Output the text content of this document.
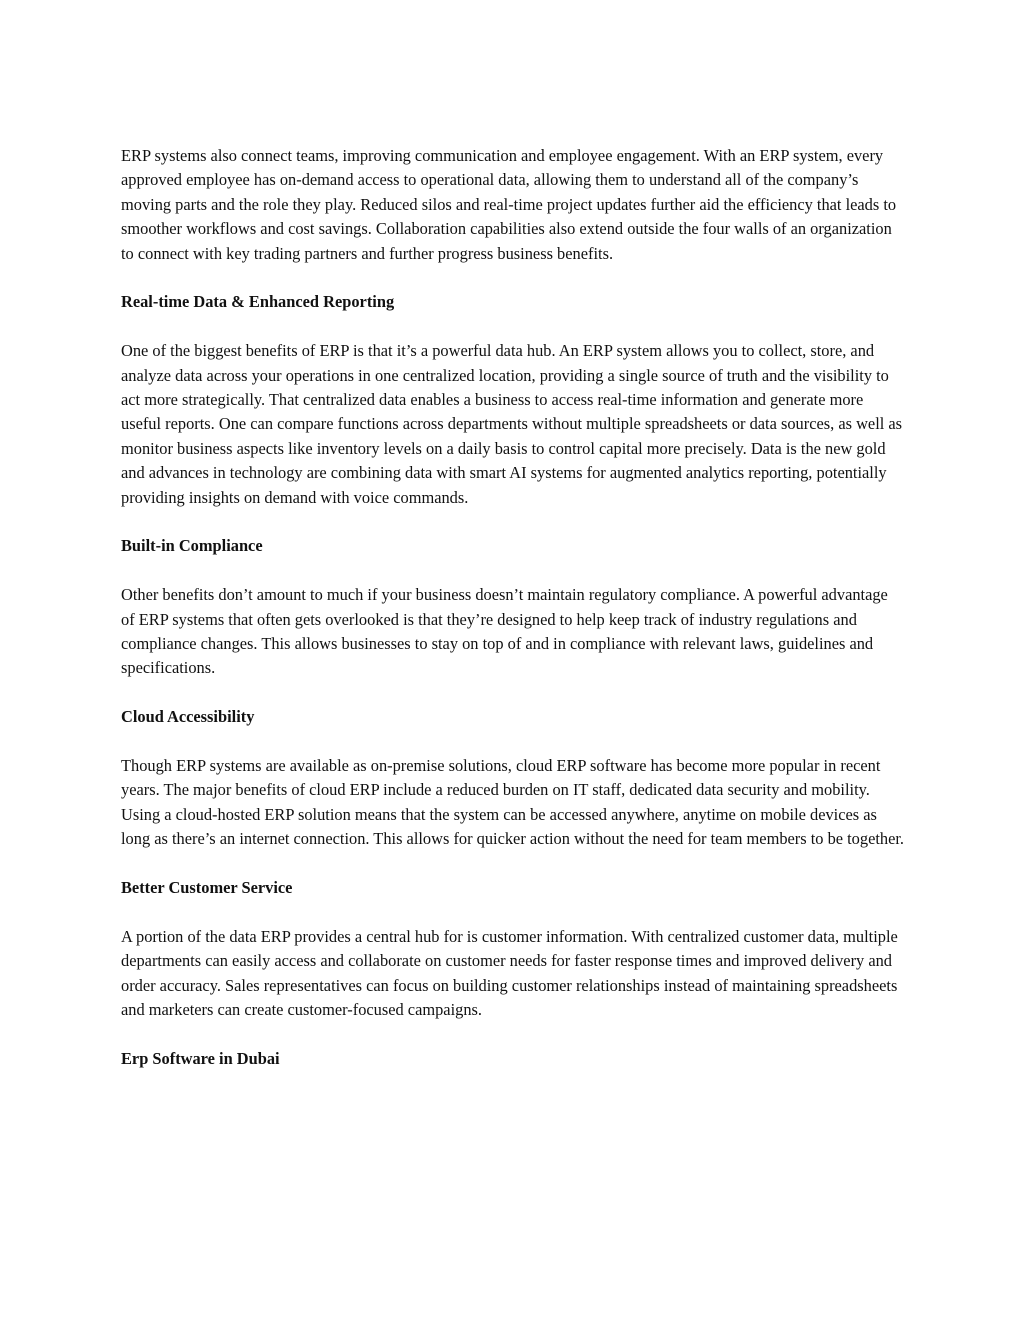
ERP systems also connect teams, improving communication and employee engagement. With an ERP system, every approved employee has on-demand access to operational data, allowing them to understand all of the company’s moving parts and the role they play. Reduced silos and real-time project updates further aid the efficiency that leads to smoother workflows and cost savings. Collaboration capabilities also extend outside the four walls of an organization to connect with key trading partners and further progress business benefits.

Real-time Data & Enhanced Reporting

One of the biggest benefits of ERP is that it’s a powerful data hub. An ERP system allows you to collect, store, and analyze data across your operations in one centralized location, providing a single source of truth and the visibility to act more strategically. That centralized data enables a business to access real-time information and generate more useful reports. One can compare functions across departments without multiple spreadsheets or data sources, as well as monitor business aspects like inventory levels on a daily basis to control capital more precisely. Data is the new gold and advances in technology are combining data with smart AI systems for augmented analytics reporting, potentially providing insights on demand with voice commands.

Built-in Compliance

Other benefits don’t amount to much if your business doesn’t maintain regulatory compliance. A powerful advantage of ERP systems that often gets overlooked is that they’re designed to help keep track of industry regulations and compliance changes. This allows businesses to stay on top of and in compliance with relevant laws, guidelines and specifications.

Cloud Accessibility

Though ERP systems are available as on-premise solutions, cloud ERP software has become more popular in recent years. The major benefits of cloud ERP include a reduced burden on IT staff, dedicated data security and mobility. Using a cloud-hosted ERP solution means that the system can be accessed anywhere, anytime on mobile devices as long as there’s an internet connection. This allows for quicker action without the need for team members to be together.

Better Customer Service

A portion of the data ERP provides a central hub for is customer information. With centralized customer data, multiple departments can easily access and collaborate on customer needs for faster response times and improved delivery and order accuracy. Sales representatives can focus on building customer relationships instead of maintaining spreadsheets and marketers can create customer-focused campaigns.

Erp Software in Dubai
